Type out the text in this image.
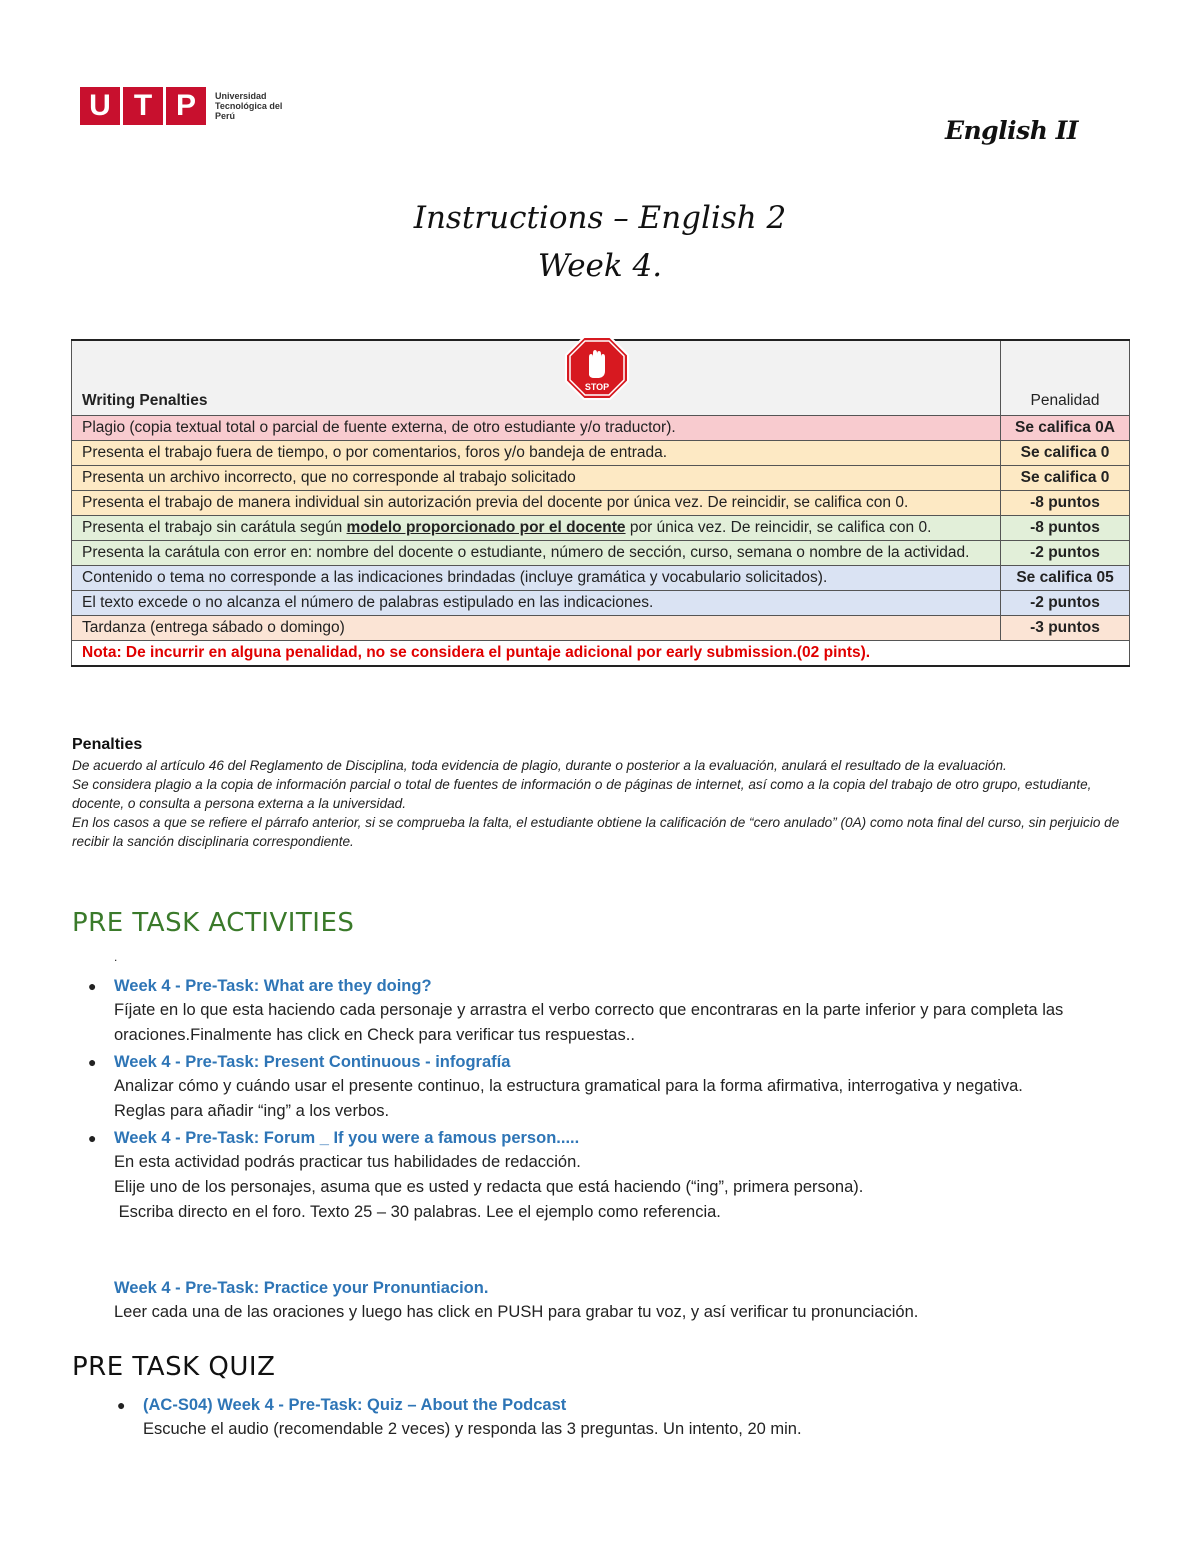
U T P	Universidad Tecnológica del Perú	English II
Instructions – English 2
Week 4.
Writing Penalties
STOP	Penalidad
Plagio (copia textual total o parcial de fuente externa, de otro estudiante y/o traductor).	Se califica 0A
Presenta el trabajo fuera de tiempo, o por comentarios, foros y/o bandeja de entrada.	Se califica 0
Presenta un archivo incorrecto, que no corresponde al trabajo solicitado	Se califica 0
Presenta el trabajo de manera individual sin autorización previa del docente por única vez. De reincidir, se califica con 0.	-8 puntos
Presenta el trabajo sin carátula según modelo proporcionado por el docente por única vez. De reincidir, se califica con 0.	-8 puntos
Presenta la carátula con error en: nombre del docente o estudiante, número de sección, curso, semana o nombre de la actividad.	-2 puntos
Contenido o tema no corresponde a las indicaciones brindadas (incluye gramática y vocabulario solicitados).	Se califica 05
El texto excede o no alcanza el número de palabras estipulado en las indicaciones.	-2 puntos
Tardanza (entrega sábado o domingo)	-3 puntos
Nota: De incurrir en alguna penalidad, no se considera el puntaje adicional por early submission.(02 pints).	
Penalties

De acuerdo al artículo 46 del Reglamento de Disciplina, toda evidencia de plagio, durante o posterior a la evaluación, anulará el resultado de la evaluación.

Se considera plagio a la copia de información parcial o total de fuentes de información o de páginas de internet, así como a la copia del trabajo de otro grupo, estudiante, docente, o consulta a persona externa a la universidad.

En los casos a que se refiere el párrafo anterior, si se comprueba la falta, el estudiante obtiene la calificación de “cero anulado” (0A) como nota final del curso, sin perjuicio de recibir la sanción disciplinaria correspondiente.

PRE TASK ACTIVITIES
.
● Week 4 - Pre-Task: What are they doing?
Fíjate en lo que esta haciendo cada personaje y arrastra el verbo correcto que encontraras en la parte inferior y para completa las oraciones.Finalmente has click en Check para verificar tus respuestas..
● Week 4 - Pre-Task: Present Continuous - infografía
Analizar cómo y cuándo usar el presente continuo, la estructura gramatical para la forma afirmativa, interrogativa y negativa.
Reglas para añadir “ing” a los verbos.
● Week 4 - Pre-Task: Forum _ If you were a famous person.....
En esta actividad podrás practicar tus habilidades de redacción.
Elije uno de los personajes, asuma que es usted y redacta que está haciendo (“ing”, primera persona).
Escriba directo en el foro. Texto 25 – 30 palabras. Lee el ejemplo como referencia.
Week 4 - Pre-Task: Practice your Pronuntiacion.
Leer cada una de las oraciones y luego has click en PUSH para grabar tu voz, y así verificar tu pronunciación.
PRE TASK QUIZ
● (AC-S04) Week 4 - Pre-Task: Quiz – About the Podcast
Escuche el audio (recomendable 2 veces) y responda las 3 preguntas. Un intento, 20 min.
